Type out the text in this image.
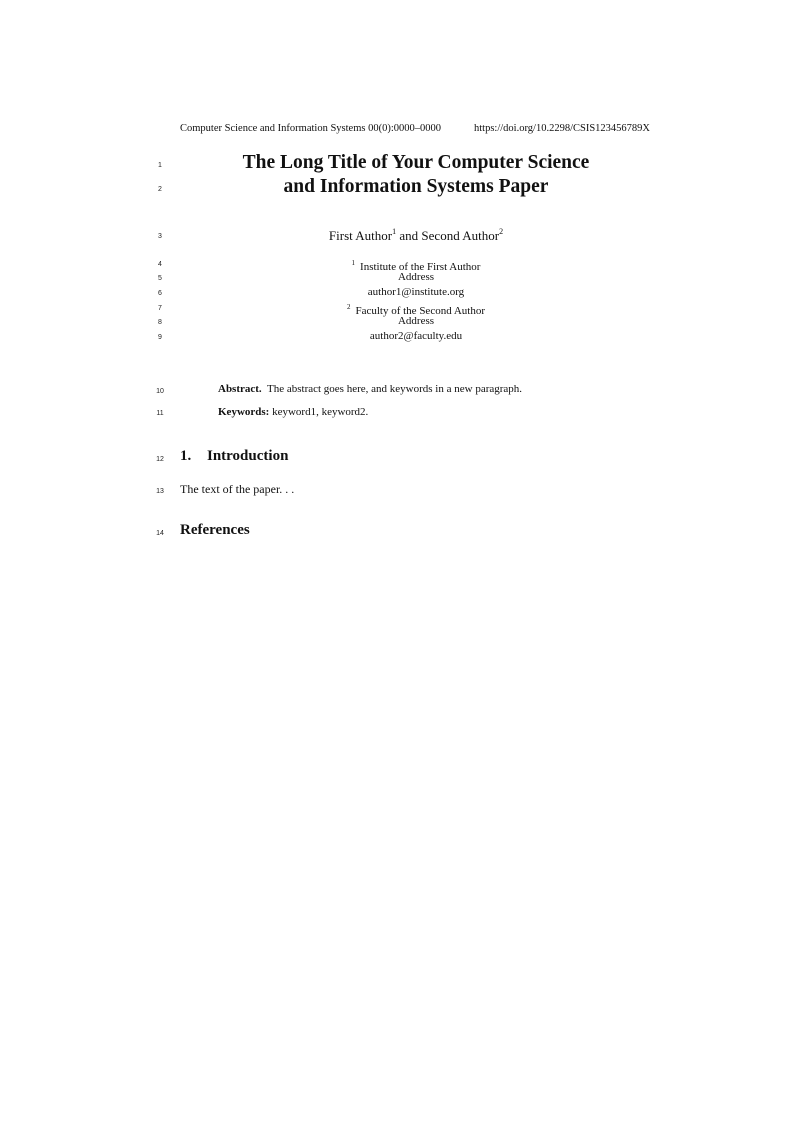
Computer Science and Information Systems 00(0):0000–0000	https://doi.org/10.2298/CSIS123456789X
1
2
3
4
5
6
7
8
9
10
11
12
13
14
The Long Title of Your Computer Science
and Information Systems Paper
First Author$^1$ and Second Author$^2$
$^1$ Institute of the First Author
Address
author1@institute.org
$^2$ Faculty of the Second Author
Address
author2@faculty.edu
Abstract. The abstract goes here, and keywords in a new paragraph.
Keywords: keyword1, keyword2.
1. Introduction
The text of the paper. . .
References
